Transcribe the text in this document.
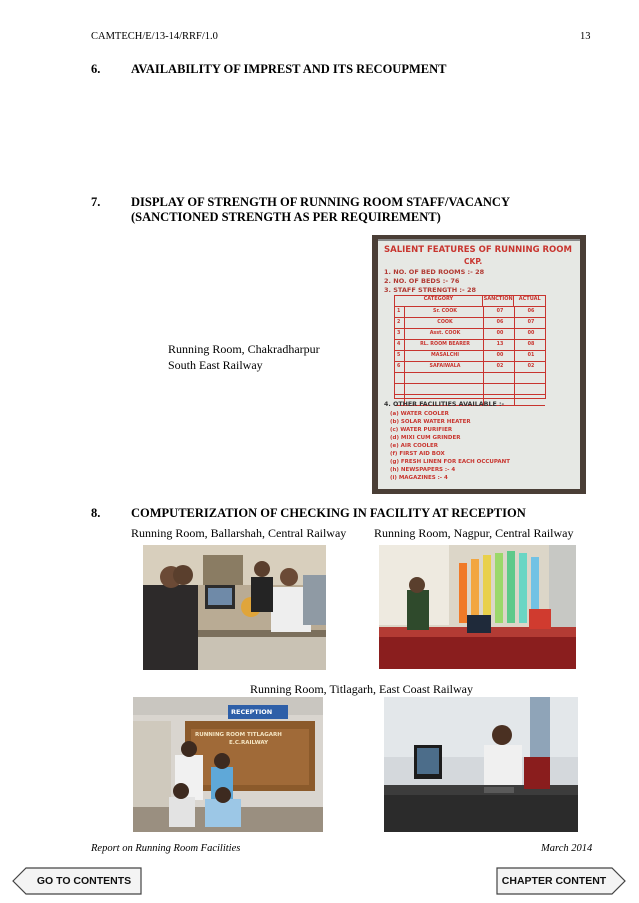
CAMTECH/E/13-14/RRF/1.0	13
6. AVAILABILITY OF IMPREST AND ITS RECOUPMENT
7. DISPLAY OF STRENGTH OF RUNNING ROOM STAFF/VACANCY
(SANCTIONED STRENGTH AS PER REQUIREMENT)
Running Room, Chakradharpur
South East Railway
SALIENT FEATURES OF RUNNING ROOM
CKP.
1. NO. OF BED ROOMS :- 28
2. NO. OF BEDS :- 76
3. STAFF STRENGTH :- 28
CATEGORY	SANCTION	ACTUAL
1	Sr. COOK	07	06
2	COOK	06	07
3	Asst. COOK	00	00
4	RL. ROOM BEARER	13	08
5	MASALCHI	00	01
6	SAFAIWALA	02	02
4. OTHER FACILITIES AVAILABLE :-
(a) WATER COOLER
(b) SOLAR WATER HEATER
(c) WATER PURIFIER
(d) MIXI CUM GRINDER
(e) AIR COOLER
(f) FIRST AID BOX
(g) FRESH LINEN FOR EACH OCCUPANT
(h) NEWSPAPERS :- 4
(i) MAGAZINES :- 4
8. COMPUTERIZATION OF CHECKING IN FACILITY AT RECEPTION
Running Room, Ballarshah, Central Railway Running Room, Nagpur, Central Railway
Running Room, Titlagarh, East Coast Railway
RECEPTION
RUNNING ROOM TITLAGARH
E.C.RAILWAY
Report on Running Room Facilities	March 2014
GO TO CONTENTS	CHAPTER CONTENT
